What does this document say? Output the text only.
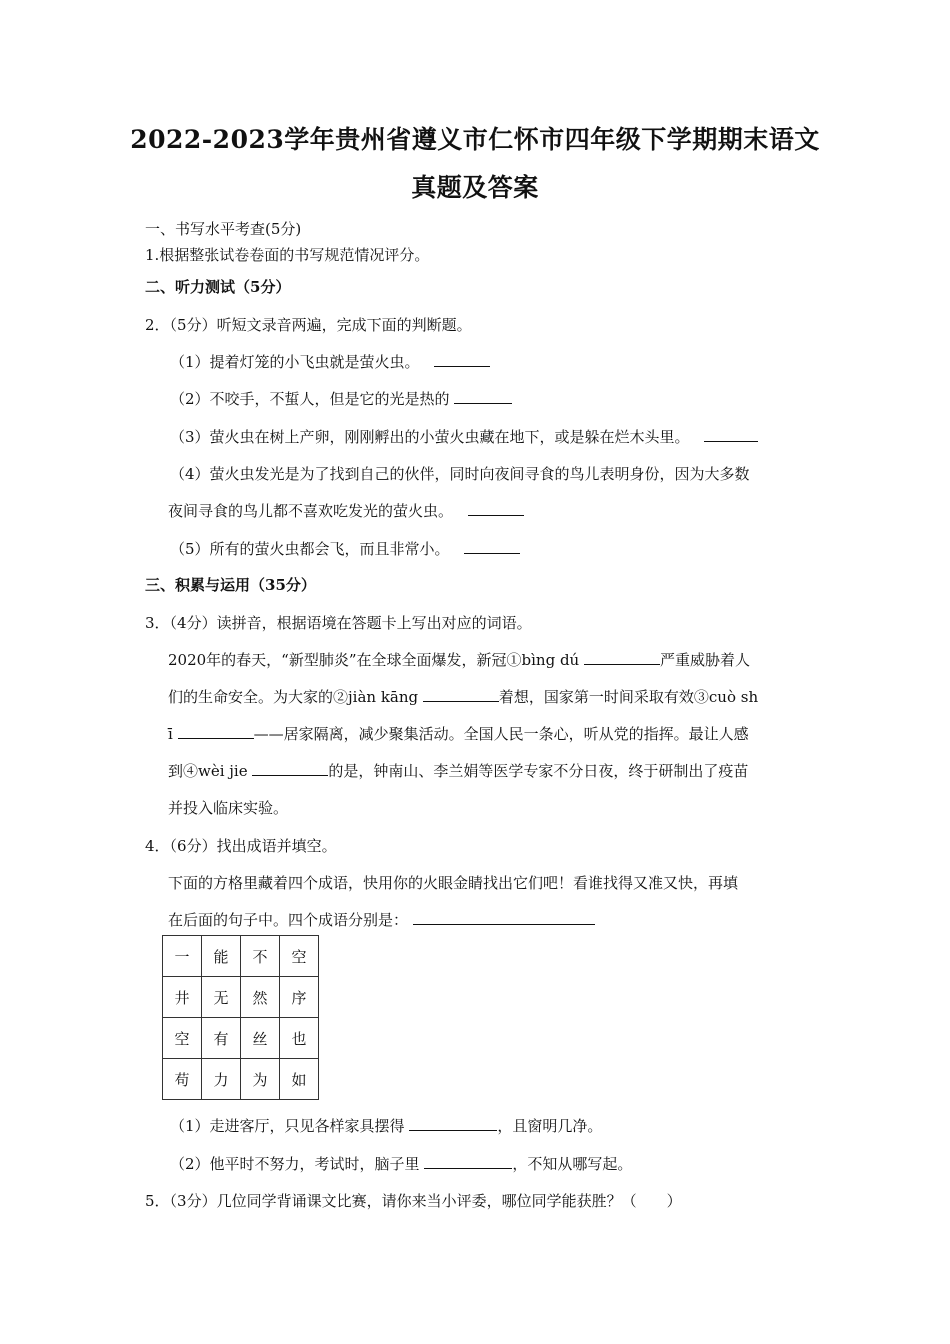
2022-2023学年贵州省遵义市仁怀市四年级下学期期末语文
真题及答案
一、书写水平考查(5分)
1.根据整张试卷卷面的书写规范情况评分。
二、听力测试（5分）
2．（5分）听短文录音两遍，完成下面的判断题。
（1）提着灯笼的小飞虫就是萤火虫。
（2）不咬手，不蜇人，但是它的光是热的
（3）萤火虫在树上产卵，刚刚孵出的小萤火虫藏在地下，或是躲在烂木头里。
（4）萤火虫发光是为了找到自己的伙伴，同时向夜间寻食的鸟儿表明身份，因为大多数
夜间寻食的鸟儿都不喜欢吃发光的萤火虫。
（5）所有的萤火虫都会飞，而且非常小。
三、积累与运用（35分）
3．（4分）读拼音，根据语境在答题卡上写出对应的词语。
2020年的春天，“新型肺炎”在全球全面爆发，新冠①bìng dú	严重威胁着人
们的生命安全。为大家的②jiàn kāng	着想，国家第一时间采取有效③cuò sh
ī	——居家隔离，减少聚集活动。全国人民一条心，听从党的指挥。最让人感
到④wèi jie	的是，钟南山、李兰娟等医学专家不分日夜，终于研制出了疫苗
并投入临床实验。
4．（6分）找出成语并填空。
下面的方格里藏着四个成语，快用你的火眼金睛找出它们吧！看谁找得又准又快，再填
在后面的句子中。四个成语分别是：
一	能	不	空
井	无	然	序
空	有	丝	也
苟	力	为	如
（1）走进客厅，只见各样家具摆得	，且窗明几净。
（2）他平时不努力，考试时，脑子里	，不知从哪写起。
5．（3分）几位同学背诵课文比赛，请你来当小评委，哪位同学能获胜？（　　）
